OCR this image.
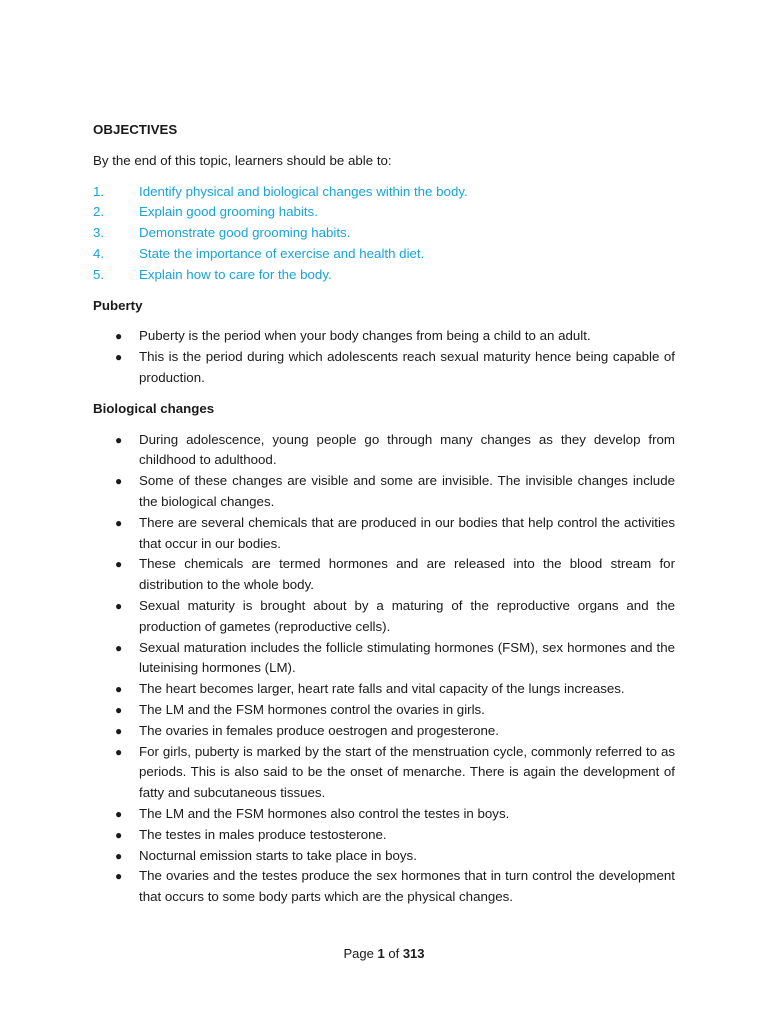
OBJECTIVES

By the end of this topic, learners should be able to:

1.	Identify physical and biological changes within the body.
2.	Explain good grooming habits.
3.	Demonstrate good grooming habits.
4.	State the importance of exercise and health diet.
5.	Explain how to care for the body.

Puberty

●	Puberty is the period when your body changes from being a child to an adult.
●	This is the period during which adolescents reach sexual maturity hence being capable of production.

Biological changes

●	During adolescence, young people go through many changes as they develop from childhood to adulthood.
●	Some of these changes are visible and some are invisible. The invisible changes include the biological changes.
●	There are several chemicals that are produced in our bodies that help control the activities that occur in our bodies.
●	These chemicals are termed hormones and are released into the blood stream for distribution to the whole body.
●	Sexual maturity is brought about by a maturing of the reproductive organs and the production of gametes (reproductive cells).
●	Sexual maturation includes the follicle stimulating hormones (FSM), sex hormones and the luteinising hormones (LM).
●	The heart becomes larger, heart rate falls and vital capacity of the lungs increases.
●	The LM and the FSM hormones control the ovaries in girls.
●	The ovaries in females produce oestrogen and progesterone.
●	For girls, puberty is marked by the start of the menstruation cycle, commonly referred to as periods. This is also said to be the onset of menarche. There is again the development of fatty and subcutaneous tissues.
●	The LM and the FSM hormones also control the testes in boys.
●	The testes in males produce testosterone.
●	Nocturnal emission starts to take place in boys.
●	The ovaries and the testes produce the sex hormones that in turn control the development that occurs to some body parts which are the physical changes.
Page 1 of 313
